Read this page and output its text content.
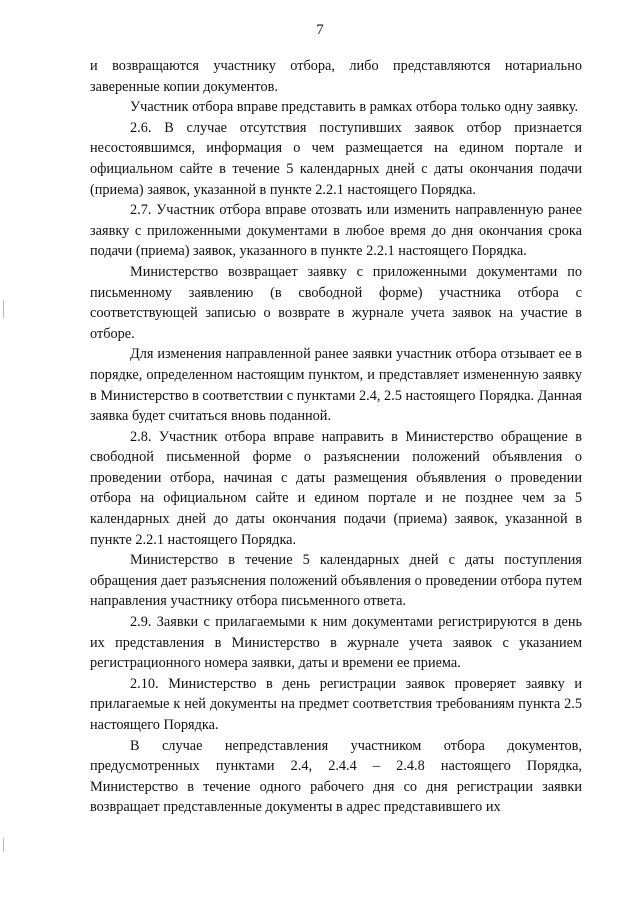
7

и возвращаются участнику отбора, либо представляются нотариально заверенные копии документов.

Участник отбора вправе представить в рамках отбора только одну заявку.

2.6. В случае отсутствия поступивших заявок отбор признается несостоявшимся, информация о чем размещается на едином портале и официальном сайте в течение 5 календарных дней с даты окончания подачи (приема) заявок, указанной в пункте 2.2.1 настоящего Порядка.

2.7. Участник отбора вправе отозвать или изменить направленную ранее заявку с приложенными документами в любое время до дня окончания срока подачи (приема) заявок, указанного в пункте 2.2.1 настоящего Порядка.

Министерство возвращает заявку с приложенными документами по письменному заявлению (в свободной форме) участника отбора с соответствующей записью о возврате в журнале учета заявок на участие в отборе.

Для изменения направленной ранее заявки участник отбора отзывает ее в порядке, определенном настоящим пунктом, и представляет измененную заявку в Министерство в соответствии с пунктами 2.4, 2.5 настоящего Порядка. Данная заявка будет считаться вновь поданной.

2.8. Участник отбора вправе направить в Министерство обращение в свободной письменной форме о разъяснении положений объявления о проведении отбора, начиная с даты размещения объявления о проведении отбора на официальном сайте и едином портале и не позднее чем за 5 календарных дней до даты окончания подачи (приема) заявок, указанной в пункте 2.2.1 настоящего Порядка.

Министерство в течение 5 календарных дней с даты поступления обращения дает разъяснения положений объявления о проведении отбора путем направления участнику отбора письменного ответа.

2.9. Заявки с прилагаемыми к ним документами регистрируются в день их представления в Министерство в журнале учета заявок с указанием регистрационного номера заявки, даты и времени ее приема.

2.10. Министерство в день регистрации заявок проверяет заявку и прилагаемые к ней документы на предмет соответствия требованиям пункта 2.5 настоящего Порядка.

В случае непредставления участником отбора документов, предусмотренных пунктами 2.4, 2.4.4 – 2.4.8 настоящего Порядка, Министерство в течение одного рабочего дня со дня регистрации заявки возвращает представленные документы в адрес представившего их
